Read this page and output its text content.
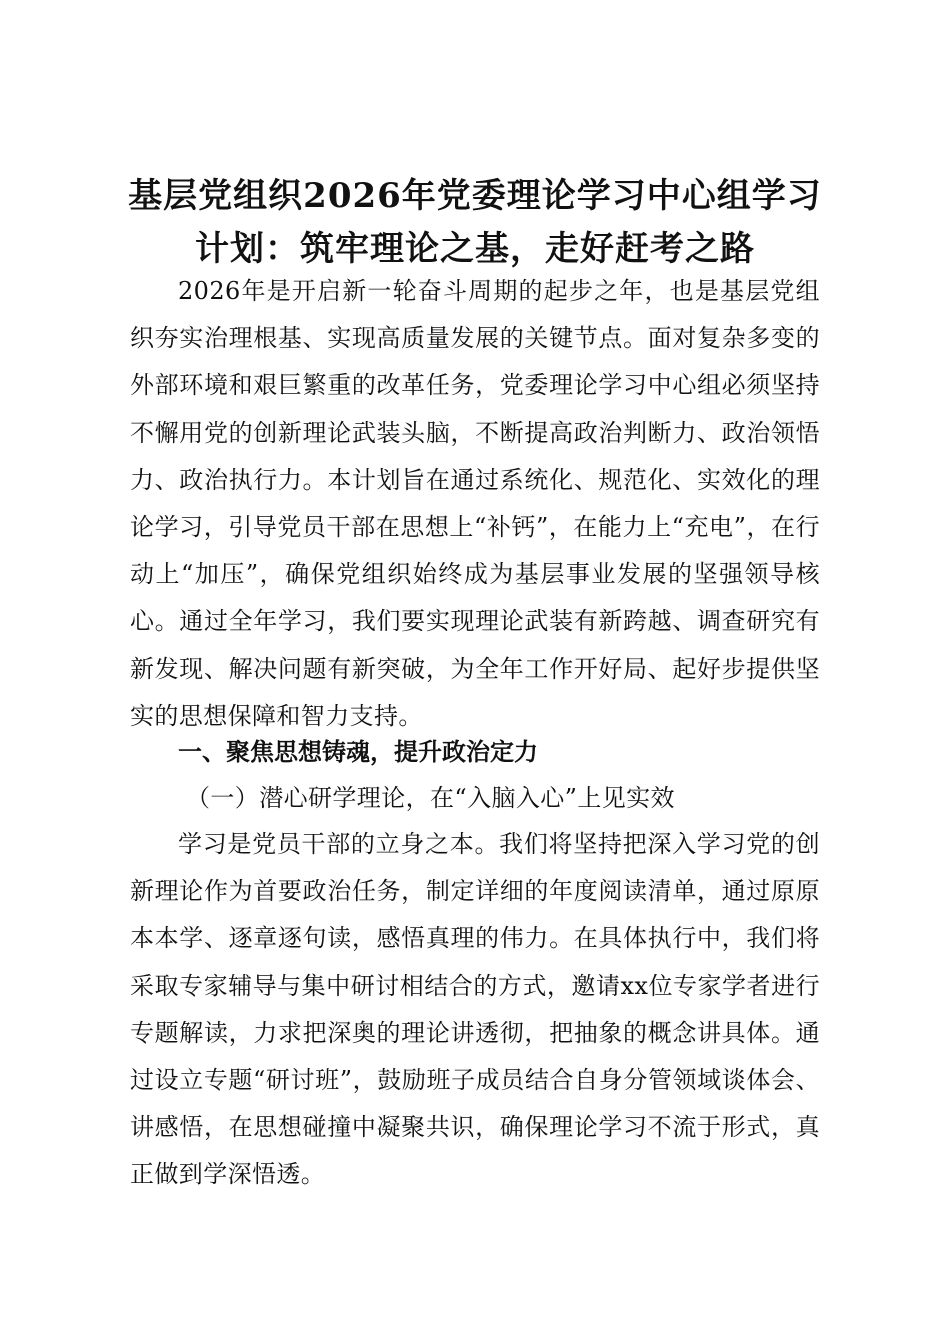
基层党组织2026年党委理论学习中心组学习
计划：筑牢理论之基，走好赶考之路

2026年是开启新一轮奋斗周期的起步之年，也是基层党组织夯实治理根基、实现高质量发展的关键节点。面对复杂多变的外部环境和艰巨繁重的改革任务，党委理论学习中心组必须坚持不懈用党的创新理论武装头脑，不断提高政治判断力、政治领悟力、政治执行力。本计划旨在通过系统化、规范化、实效化的理论学习，引导党员干部在思想上“补钙”，在能力上“充电”，在行动上“加压”，确保党组织始终成为基层事业发展的坚强领导核心。通过全年学习，我们要实现理论武装有新跨越、调查研究有新发现、解决问题有新突破，为全年工作开好局、起好步提供坚实的思想保障和智力支持。

一、聚焦思想铸魂，提升政治定力
（一）潜心研学理论，在“入脑入心”上见实效

学习是党员干部的立身之本。我们将坚持把深入学习党的创新理论作为首要政治任务，制定详细的年度阅读清单，通过原原本本学、逐章逐句读，感悟真理的伟力。在具体执行中，我们将采取专家辅导与集中研讨相结合的方式，邀请xx位专家学者进行专题解读，力求把深奥的理论讲透彻，把抽象的概念讲具体。通过设立专题“研讨班”，鼓励班子成员结合自身分管领域谈体会、讲感悟，在思想碰撞中凝聚共识，确保理论学习不流于形式，真正做到学深悟透。
